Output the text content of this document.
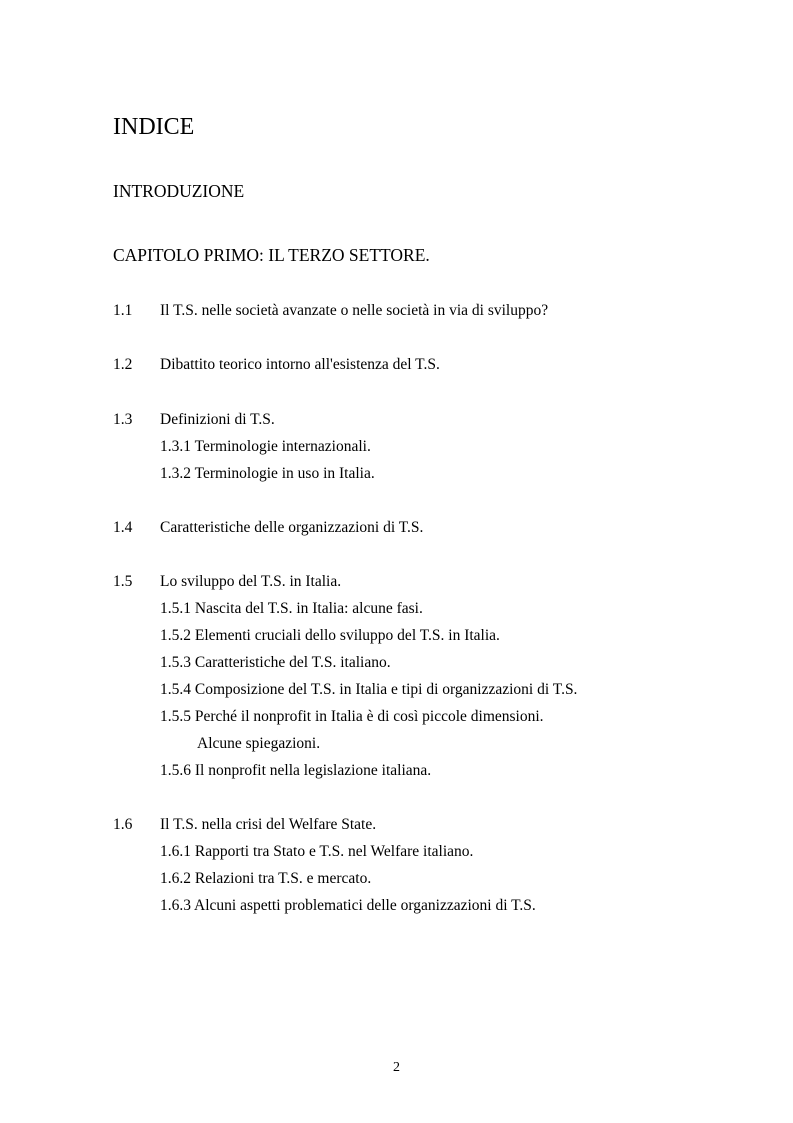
INDICE
INTRODUZIONE
CAPITOLO PRIMO: IL TERZO SETTORE.
1.1 Il T.S. nelle società avanzate o nelle società in via di sviluppo?
1.2 Dibattito teorico intorno all'esistenza del T.S.
1.3 Definizioni di T.S.
1.3.1 Terminologie internazionali.
1.3.2 Terminologie in uso in Italia.
1.4 Caratteristiche delle organizzazioni di T.S.
1.5 Lo sviluppo del T.S. in Italia.
1.5.1 Nascita del T.S. in Italia: alcune fasi.
1.5.2 Elementi cruciali dello sviluppo del T.S. in Italia.
1.5.3 Caratteristiche del T.S. italiano.
1.5.4 Composizione del T.S. in Italia e tipi di organizzazioni di T.S.
1.5.5 Perché il nonprofit in Italia è di così piccole dimensioni.
Alcune spiegazioni.
1.5.6 Il nonprofit nella legislazione italiana.
1.6 Il T.S. nella crisi del Welfare State.
1.6.1 Rapporti tra Stato e T.S. nel Welfare italiano.
1.6.2 Relazioni tra T.S. e mercato.
1.6.3 Alcuni aspetti problematici delle organizzazioni di T.S.
2
